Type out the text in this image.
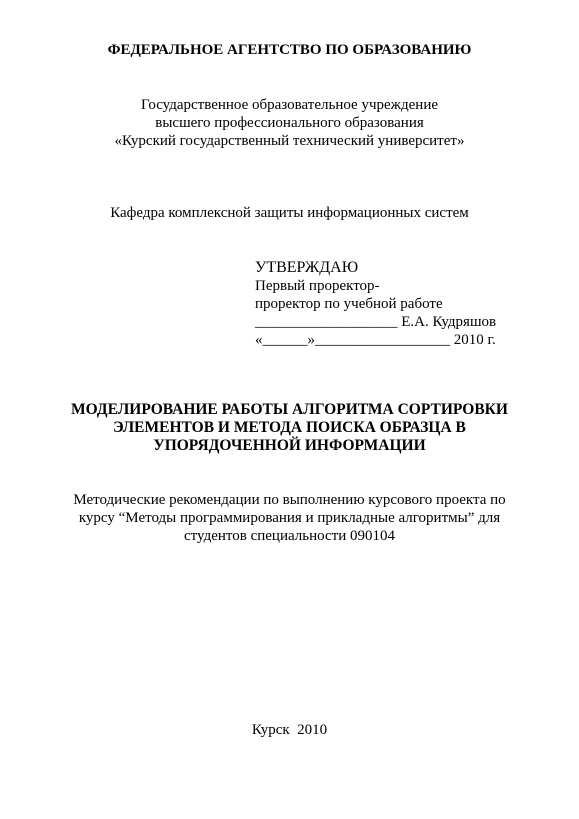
ФЕДЕРАЛЬНОЕ АГЕНТСТВО ПО ОБРАЗОВАНИЮ
Государственное образовательное учреждение
высшего профессионального образования
«Курский государственный технический университет»
Кафедра комплексной защиты информационных систем
УТВЕРЖДАЮ
Первый проректор-
проректор по учебной работе
___________________ Е.А. Кудряшов
«______»__________________ 2010 г.
МОДЕЛИРОВАНИЕ РАБОТЫ АЛГОРИТМА СОРТИРОВКИ
ЭЛЕМЕНТОВ И МЕТОДА ПОИСКА ОБРАЗЦА В
УПОРЯДОЧЕННОЙ ИНФОРМАЦИИ
Методические рекомендации по выполнению курсового проекта по
курсу “Методы программирования и прикладные алгоритмы” для
студентов специальности 090104
Курск  2010
